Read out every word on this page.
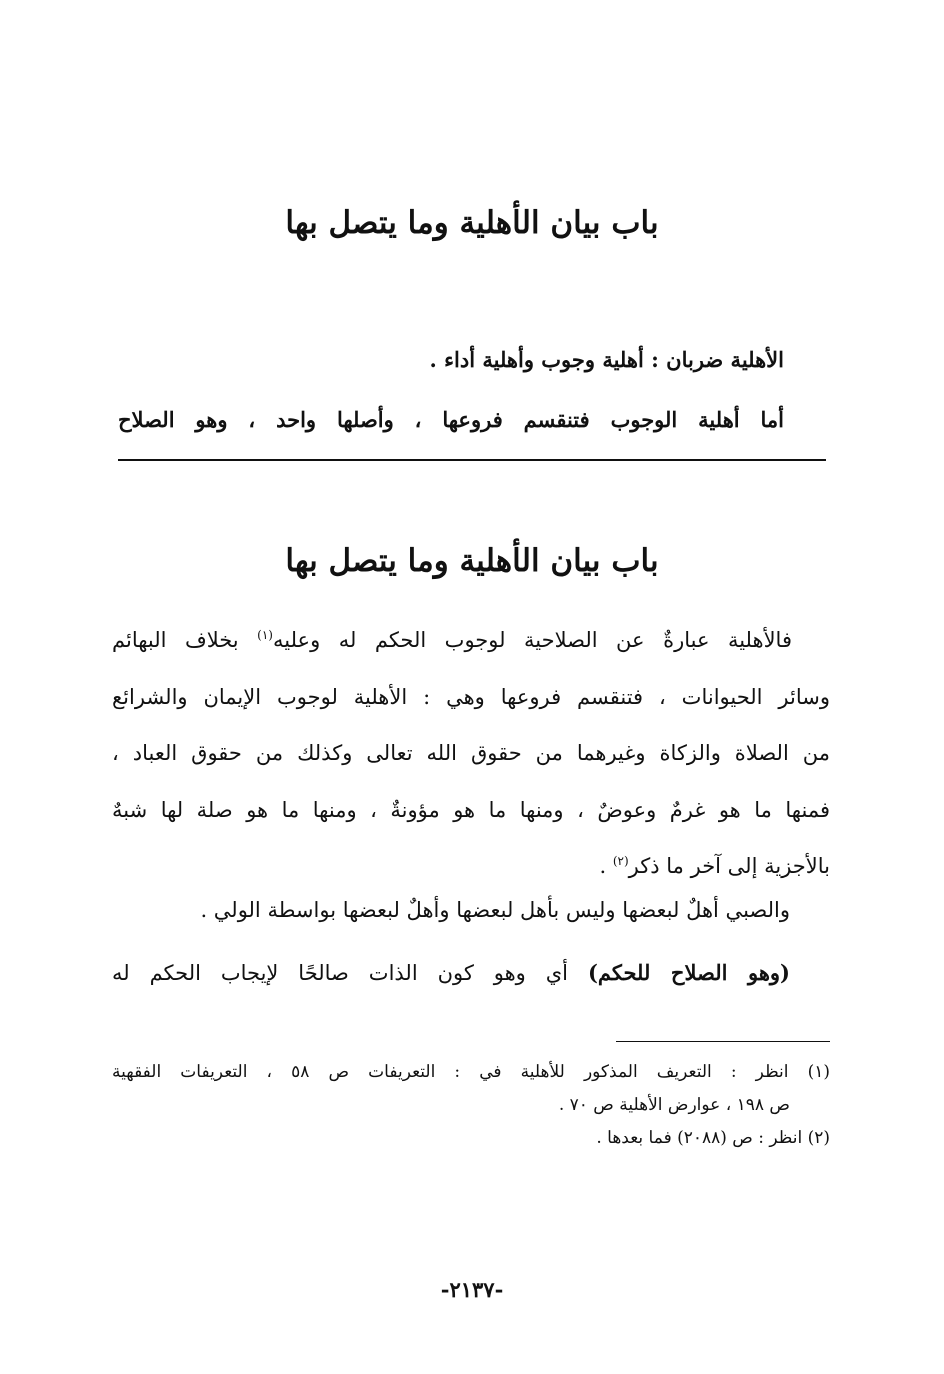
باب بيان الأهلية وما يتصل بها
الأهلية ضربان : أهلية وجوب وأهلية أداء .
أما أهلية الوجوب فتنقسم فروعها ، وأصلها واحد ، وهو الصلاح
باب بيان الأهلية وما يتصل بها
فالأهلية عبارةٌ عن الصلاحية لوجوب الحكم له وعليه$^{(١)}$ بخلاف البهائم
وسائر الحيوانات ، فتنقسم فروعها وهي : الأهلية لوجوب الإيمان والشرائع
من الصلاة والزكاة وغيرهما من حقوق الله تعالى وكذلك من حقوق العباد ،
فمنها ما هو غرمٌ وعوضٌ ، ومنها ما هو مؤونةٌ ، ومنها ما هو صلة لها شبهٌ
بالأجزية إلى آخر ما ذكر$^{(٢)}$ .
والصبي أهلٌ لبعضها وليس بأهل لبعضها وأهلٌ لبعضها بواسطة الولي .
(وهو الصلاح للحكم) أي وهو كون الذات صالحًا لإيجاب الحكم له
(١) انظر : التعريف المذكور للأهلية في : التعريفات ص ٥٨ ، التعريفات الفقهية
ص ١٩٨ ، عوارض الأهلية ص ٧٠ .
(٢) انظر : ص (٢٠٨٨) فما بعدها .
-٢١٣٧-
